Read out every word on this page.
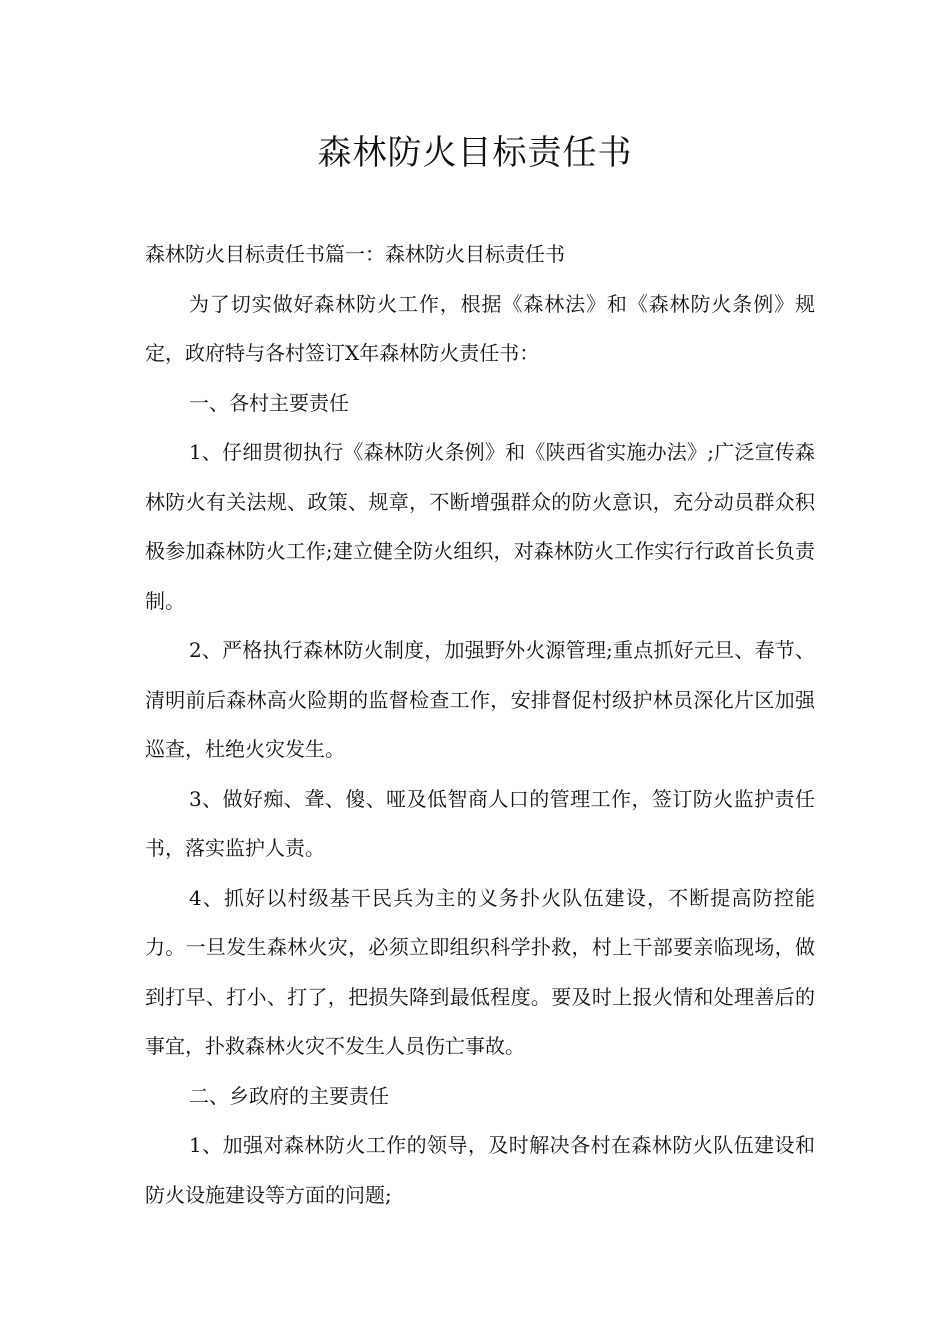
森林防火目标责任书

森林防火目标责任书篇一：森林防火目标责任书

为了切实做好森林防火工作，根据《森林法》和《森林防火条例》规定，政府特与各村签订X年森林防火责任书：

一、各村主要责任

1、仔细贯彻执行《森林防火条例》和《陕西省实施办法》;广泛宣传森林防火有关法规、政策、规章，不断增强群众的防火意识，充分动员群众积极参加森林防火工作;建立健全防火组织，对森林防火工作实行行政首长负责制。

2、严格执行森林防火制度，加强野外火源管理;重点抓好元旦、春节、清明前后森林高火险期的监督检查工作，安排督促村级护林员深化片区加强巡查，杜绝火灾发生。

3、做好痴、聋、傻、哑及低智商人口的管理工作，签订防火监护责任书，落实监护人责。

4、抓好以村级基干民兵为主的义务扑火队伍建设，不断提高防控能力。一旦发生森林火灾，必须立即组织科学扑救，村上干部要亲临现场，做到打早、打小、打了，把损失降到最低程度。要及时上报火情和处理善后的事宜，扑救森林火灾不发生人员伤亡事故。

二、乡政府的主要责任

1、加强对森林防火工作的领导，及时解决各村在森林防火队伍建设和防火设施建设等方面的问题;
